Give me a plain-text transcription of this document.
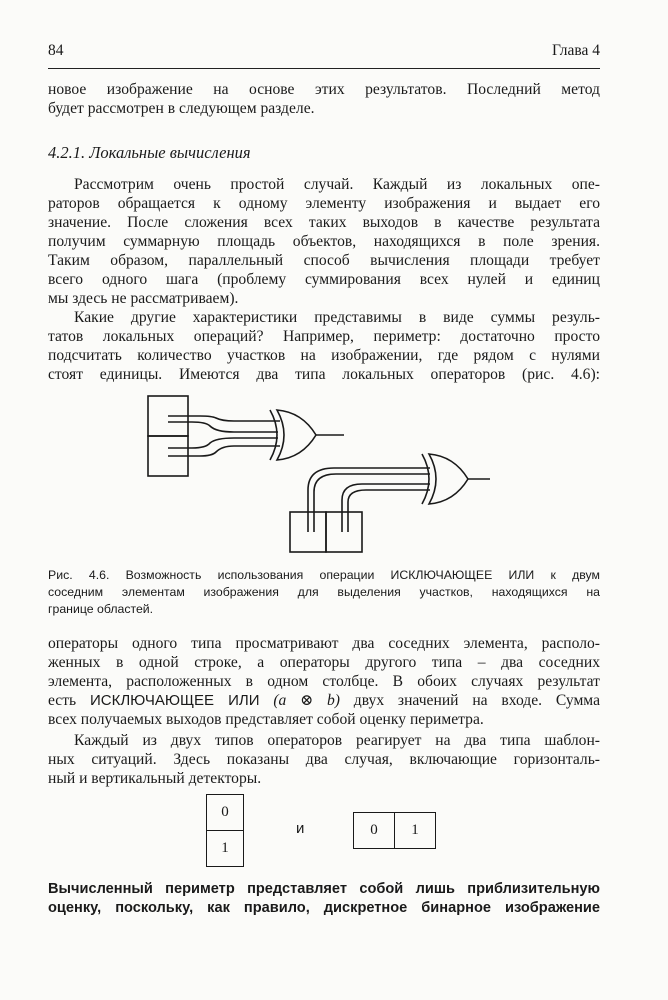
84	Глава 4
новое изображение на основе этих результатов. Последний метод
будет рассмотрен в следующем разделе.
4.2.1. Локальные вычисления
Рассмотрим очень простой случай. Каждый из локальных опе-
раторов обращается к одному элементу изображения и выдает его
значение. После сложения всех таких выходов в качестве результата
получим суммарную площадь объектов, находящихся в поле зрения.
Таким образом, параллельный способ вычисления площади требует
всего одного шага (проблему суммирования всех нулей и единиц
мы здесь не рассматриваем).
Какие другие характеристики представимы в виде суммы резуль-
татов локальных операций? Например, периметр: достаточно просто
подсчитать количество участков на изображении, где рядом с нулями
стоят единицы. Имеются два типа локальных операторов (рис. 4.6):
Рис. 4.6. Возможность использования операции ИСКЛЮЧАЮЩЕЕ ИЛИ к двум
соседним элементам изображения для выделения участков, находящихся на
границе областей.
операторы одного типа просматривают два соседних элемента, располо-
женных в одной строке, а операторы другого типа – два соседних
элемента, расположенных в одном столбце. В обоих случаях результат
есть ИСКЛЮЧАЮЩЕЕ ИЛИ (a ⊗ b) двух значений на входе. Сумма
всех получаемых выходов представляет собой оценку периметра.
Каждый из двух типов операторов реагирует на два типа шаблон-
ных ситуаций. Здесь показаны два случая, включающие горизонталь-
ный и вертикальный детекторы.
0
1
и	0	1
Вычисленный периметр представляет собой лишь приблизительную
оценку, поскольку, как правило, дискретное бинарное изображение
